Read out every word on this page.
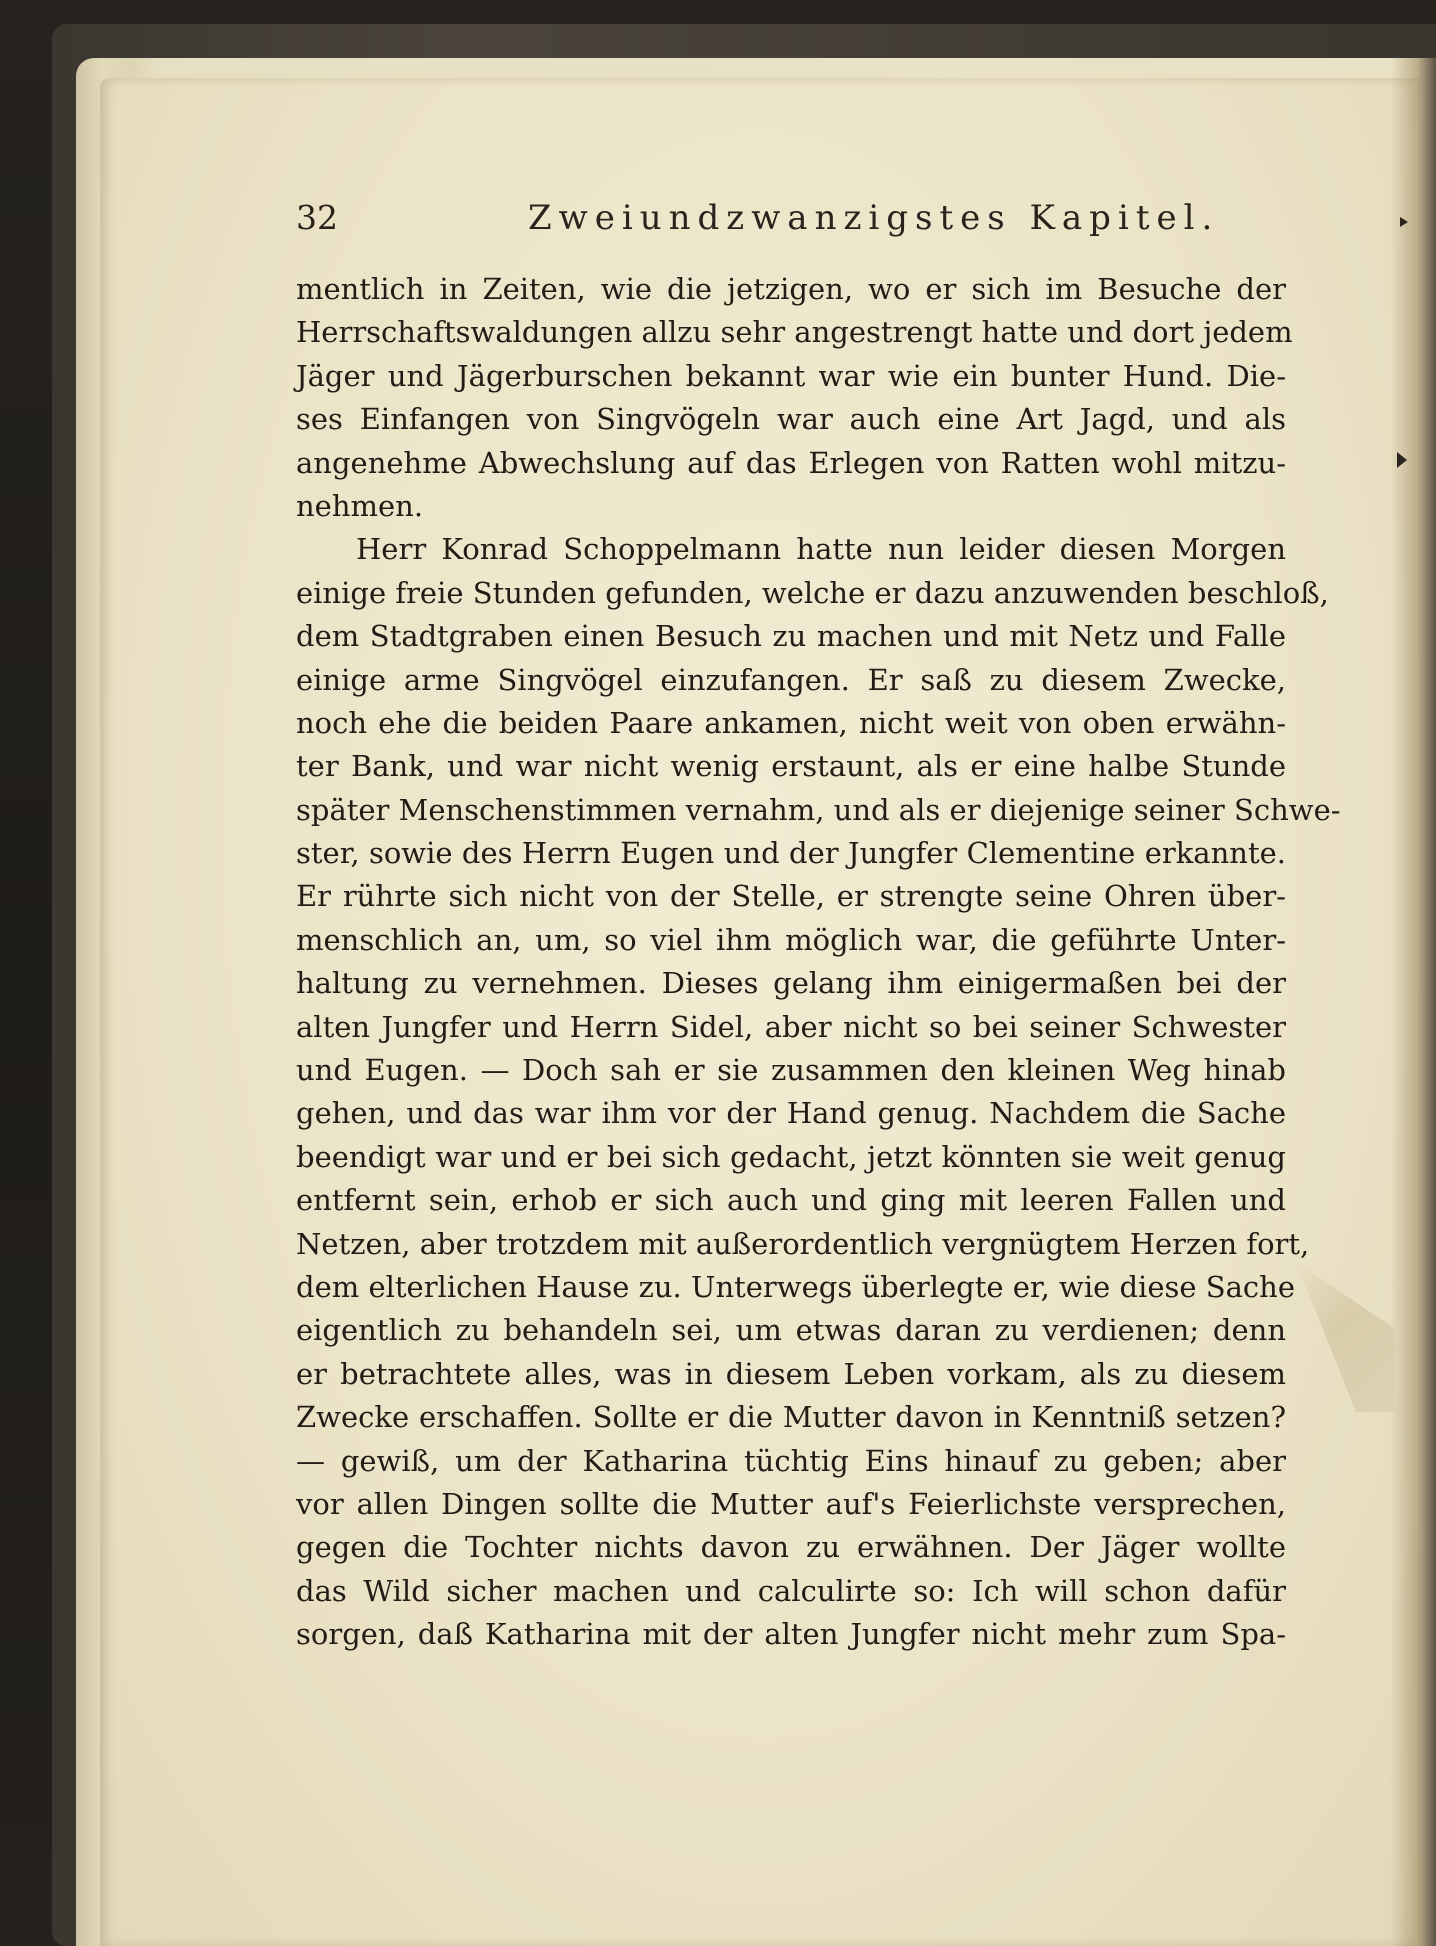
32	Zweiundzwanzigstes Kapitel.
mentlich in Zeiten, wie die jetzigen, wo er sich im Besuche der
Herrschaftswaldungen allzu sehr angestrengt hatte und dort jedem
Jäger und Jägerburschen bekannt war wie ein bunter Hund. Die-
ses Einfangen von Singvögeln war auch eine Art Jagd, und als
angenehme Abwechslung auf das Erlegen von Ratten wohl mitzu-
nehmen.
Herr Konrad Schoppelmann hatte nun leider diesen Morgen
einige freie Stunden gefunden, welche er dazu anzuwenden beschloß,
dem Stadtgraben einen Besuch zu machen und mit Netz und Falle
einige arme Singvögel einzufangen. Er saß zu diesem Zwecke,
noch ehe die beiden Paare ankamen, nicht weit von oben erwähn-
ter Bank, und war nicht wenig erstaunt, als er eine halbe Stunde
später Menschenstimmen vernahm, und als er diejenige seiner Schwe-
ster, sowie des Herrn Eugen und der Jungfer Clementine erkannte.
Er rührte sich nicht von der Stelle, er strengte seine Ohren über-
menschlich an, um, so viel ihm möglich war, die geführte Unter-
haltung zu vernehmen. Dieses gelang ihm einigermaßen bei der
alten Jungfer und Herrn Sidel, aber nicht so bei seiner Schwester
und Eugen. — Doch sah er sie zusammen den kleinen Weg hinab
gehen, und das war ihm vor der Hand genug. Nachdem die Sache
beendigt war und er bei sich gedacht, jetzt könnten sie weit genug
entfernt sein, erhob er sich auch und ging mit leeren Fallen und
Netzen, aber trotzdem mit außerordentlich vergnügtem Herzen fort,
dem elterlichen Hause zu. Unterwegs überlegte er, wie diese Sache
eigentlich zu behandeln sei, um etwas daran zu verdienen; denn
er betrachtete alles, was in diesem Leben vorkam, als zu diesem
Zwecke erschaffen. Sollte er die Mutter davon in Kenntniß setzen?
— gewiß, um der Katharina tüchtig Eins hinauf zu geben; aber
vor allen Dingen sollte die Mutter auf's Feierlichste versprechen,
gegen die Tochter nichts davon zu erwähnen. Der Jäger wollte
das Wild sicher machen und calculirte so: Ich will schon dafür
sorgen, daß Katharina mit der alten Jungfer nicht mehr zum Spa-
